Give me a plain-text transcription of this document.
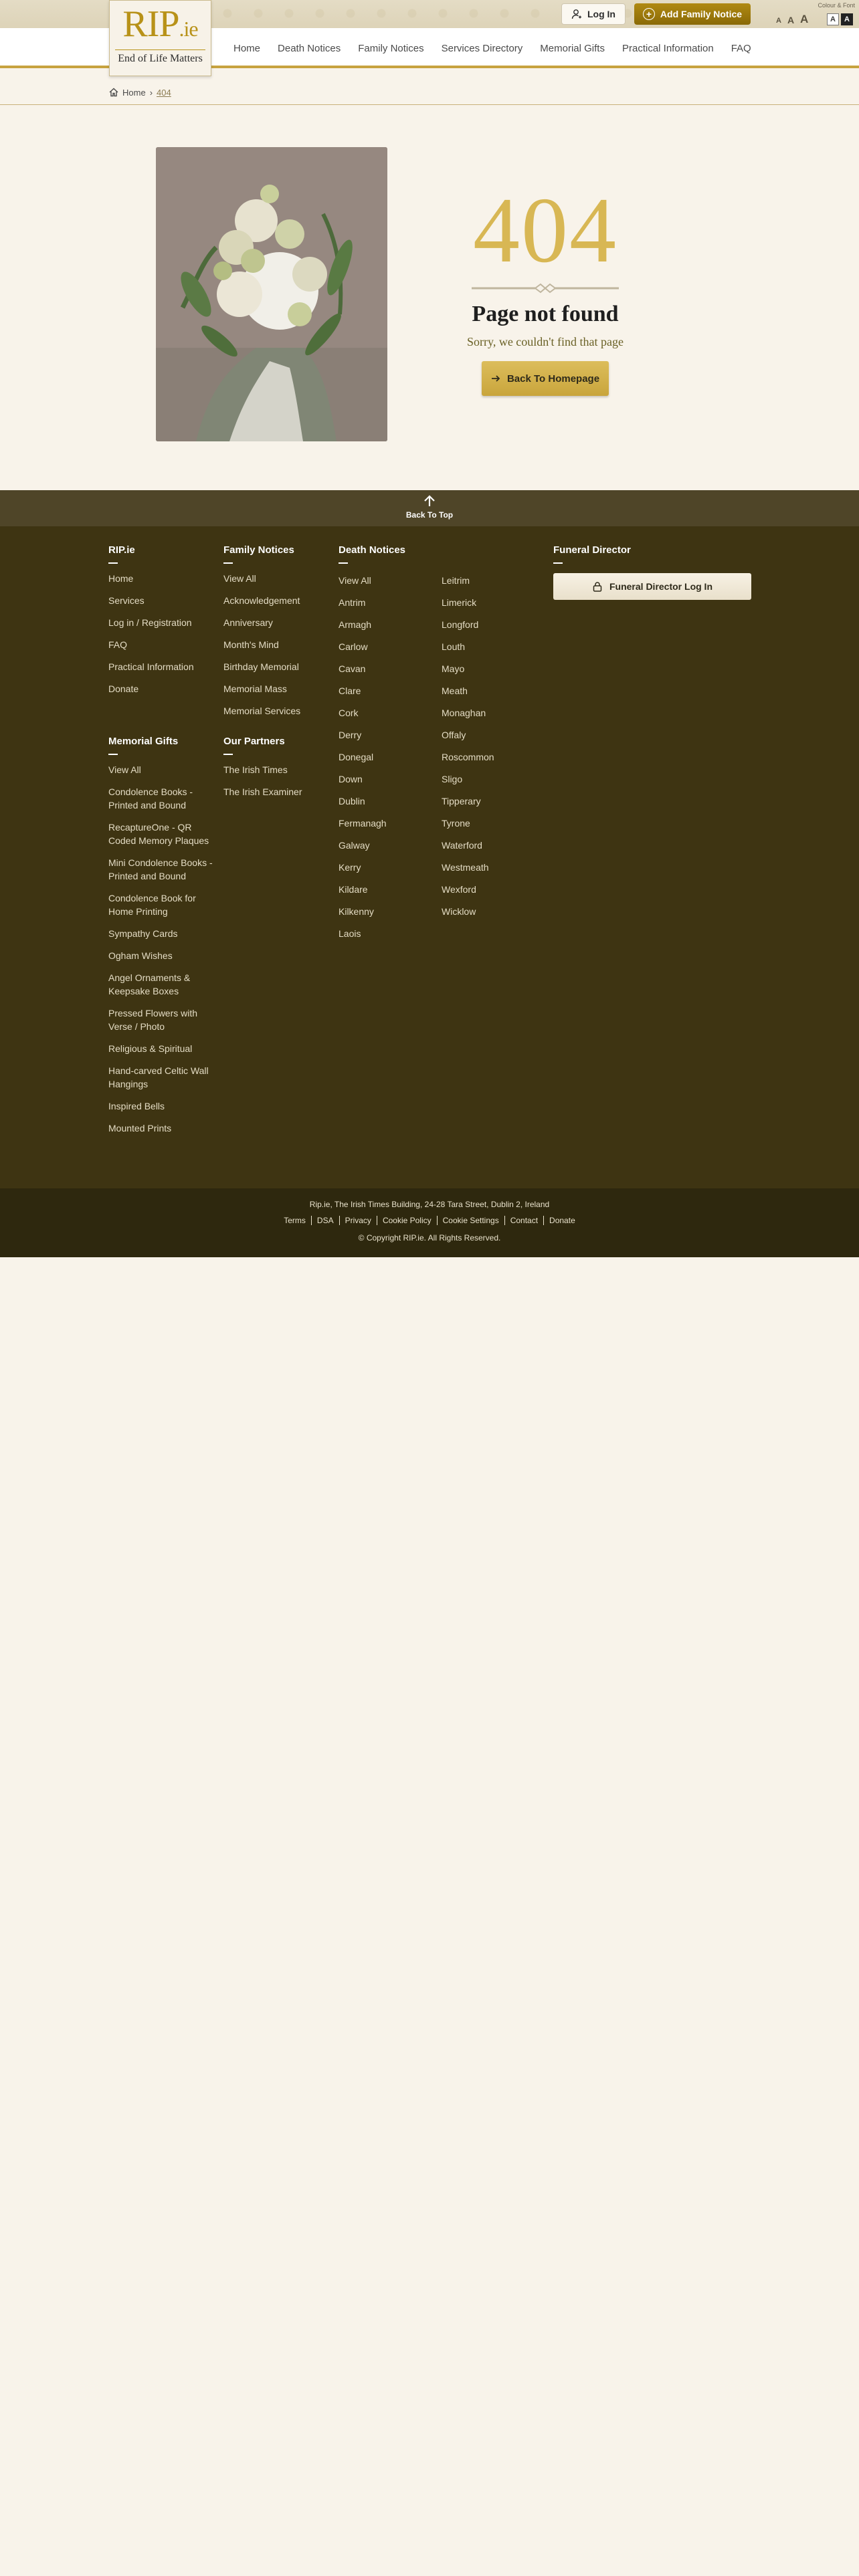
Log In	+ Add Family Notice
Colour & Font
A A A	A	A
Home	Death Notices	Family Notices	Services Directory	Memorial Gifts	Practical Information	FAQ
RIP.ie
End of Life Matters
Home › 404
404
Page not found
Sorry, we couldn't find that page
Back To Homepage
Back To Top
RIP.ie
Home
Services
Log in / Registration
FAQ
Practical Information
Donate
Family Notices
View All
Acknowledgement
Anniversary
Month's Mind
Birthday Memorial
Memorial Mass
Memorial Services
Death Notices
View All
Antrim
Armagh
Carlow
Cavan
Clare
Cork
Derry
Donegal
Down
Dublin
Fermanagh
Galway
Kerry
Kildare
Kilkenny
Laois
Leitrim
Limerick
Longford
Louth
Mayo
Meath
Monaghan
Offaly
Roscommon
Sligo
Tipperary
Tyrone
Waterford
Westmeath
Wexford
Wicklow
Funeral Director
Funeral Director Log In
Memorial Gifts
View All
Condolence Books - Printed and Bound
RecaptureOne - QR Coded Memory Plaques
Mini Condolence Books - Printed and Bound
Condolence Book for Home Printing
Sympathy Cards
Ogham Wishes
Angel Ornaments & Keepsake Boxes
Pressed Flowers with Verse / Photo
Religious & Spiritual
Hand-carved Celtic Wall Hangings
Inspired Bells
Mounted Prints
Our Partners
The Irish Times
The Irish Examiner
Rip.ie, The Irish Times Building, 24-28 Tara Street, Dublin 2, Ireland
Terms	DSA	Privacy	Cookie Policy	Cookie Settings	Contact	Donate
© Copyright RIP.ie. All Rights Reserved.
